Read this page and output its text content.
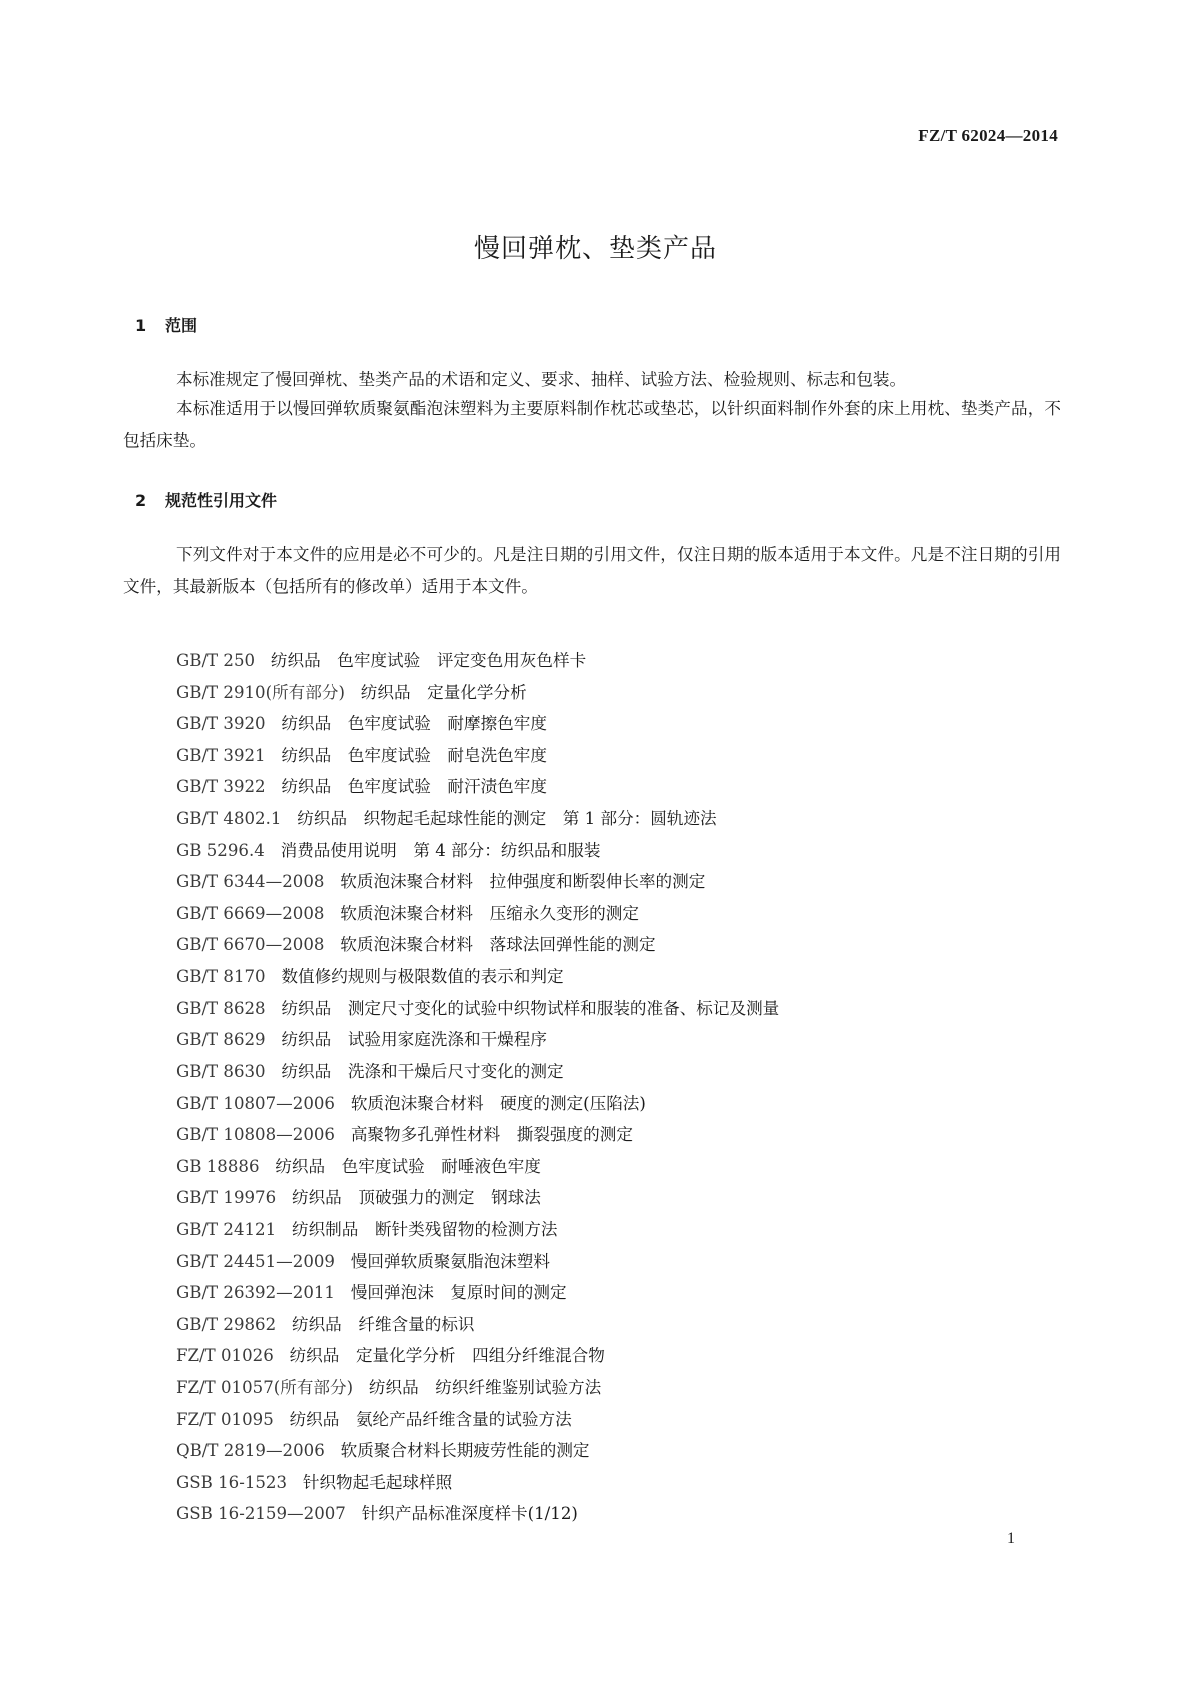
FZ/T 62024—2014
慢回弹枕、垫类产品
1 范围

本标准规定了慢回弹枕、垫类产品的术语和定义、要求、抽样、试验方法、检验规则、标志和包装。

本标准适用于以慢回弹软质聚氨酯泡沫塑料为主要原料制作枕芯或垫芯，以针织面料制作外套的床上用枕、垫类产品，不包括床垫。

2 规范性引用文件

下列文件对于本文件的应用是必不可少的。凡是注日期的引用文件，仅注日期的版本适用于本文件。凡是不注日期的引用文件，其最新版本（包括所有的修改单）适用于本文件。

GB/T 250 纺织品　色牢度试验　评定变色用灰色样卡
GB/T 2910(所有部分) 纺织品　定量化学分析
GB/T 3920 纺织品　色牢度试验　耐摩擦色牢度
GB/T 3921 纺织品　色牢度试验　耐皂洗色牢度
GB/T 3922 纺织品　色牢度试验　耐汗渍色牢度
GB/T 4802.1 纺织品　织物起毛起球性能的测定　第 1 部分：圆轨迹法
GB 5296.4 消费品使用说明　第 4 部分：纺织品和服装
GB/T 6344—2008 软质泡沫聚合材料　拉伸强度和断裂伸长率的测定
GB/T 6669—2008 软质泡沫聚合材料　压缩永久变形的测定
GB/T 6670—2008 软质泡沫聚合材料　落球法回弹性能的测定
GB/T 8170 数值修约规则与极限数值的表示和判定
GB/T 8628 纺织品　测定尺寸变化的试验中织物试样和服装的准备、标记及测量
GB/T 8629 纺织品　试验用家庭洗涤和干燥程序
GB/T 8630 纺织品　洗涤和干燥后尺寸变化的测定
GB/T 10807—2006 软质泡沫聚合材料　硬度的测定(压陷法)
GB/T 10808—2006 高聚物多孔弹性材料　撕裂强度的测定
GB 18886 纺织品　色牢度试验　耐唾液色牢度
GB/T 19976 纺织品　顶破强力的测定　钢球法
GB/T 24121 纺织制品　断针类残留物的检测方法
GB/T 24451—2009 慢回弹软质聚氨脂泡沫塑料
GB/T 26392—2011 慢回弹泡沫　复原时间的测定
GB/T 29862 纺织品　纤维含量的标识
FZ/T 01026 纺织品　定量化学分析　四组分纤维混合物
FZ/T 01057(所有部分) 纺织品　纺织纤维鉴别试验方法
FZ/T 01095 纺织品　氨纶产品纤维含量的试验方法
QB/T 2819—2006 软质聚合材料长期疲劳性能的测定
GSB 16-1523 针织物起毛起球样照
GSB 16-2159—2007 针织产品标准深度样卡(1/12)
1
